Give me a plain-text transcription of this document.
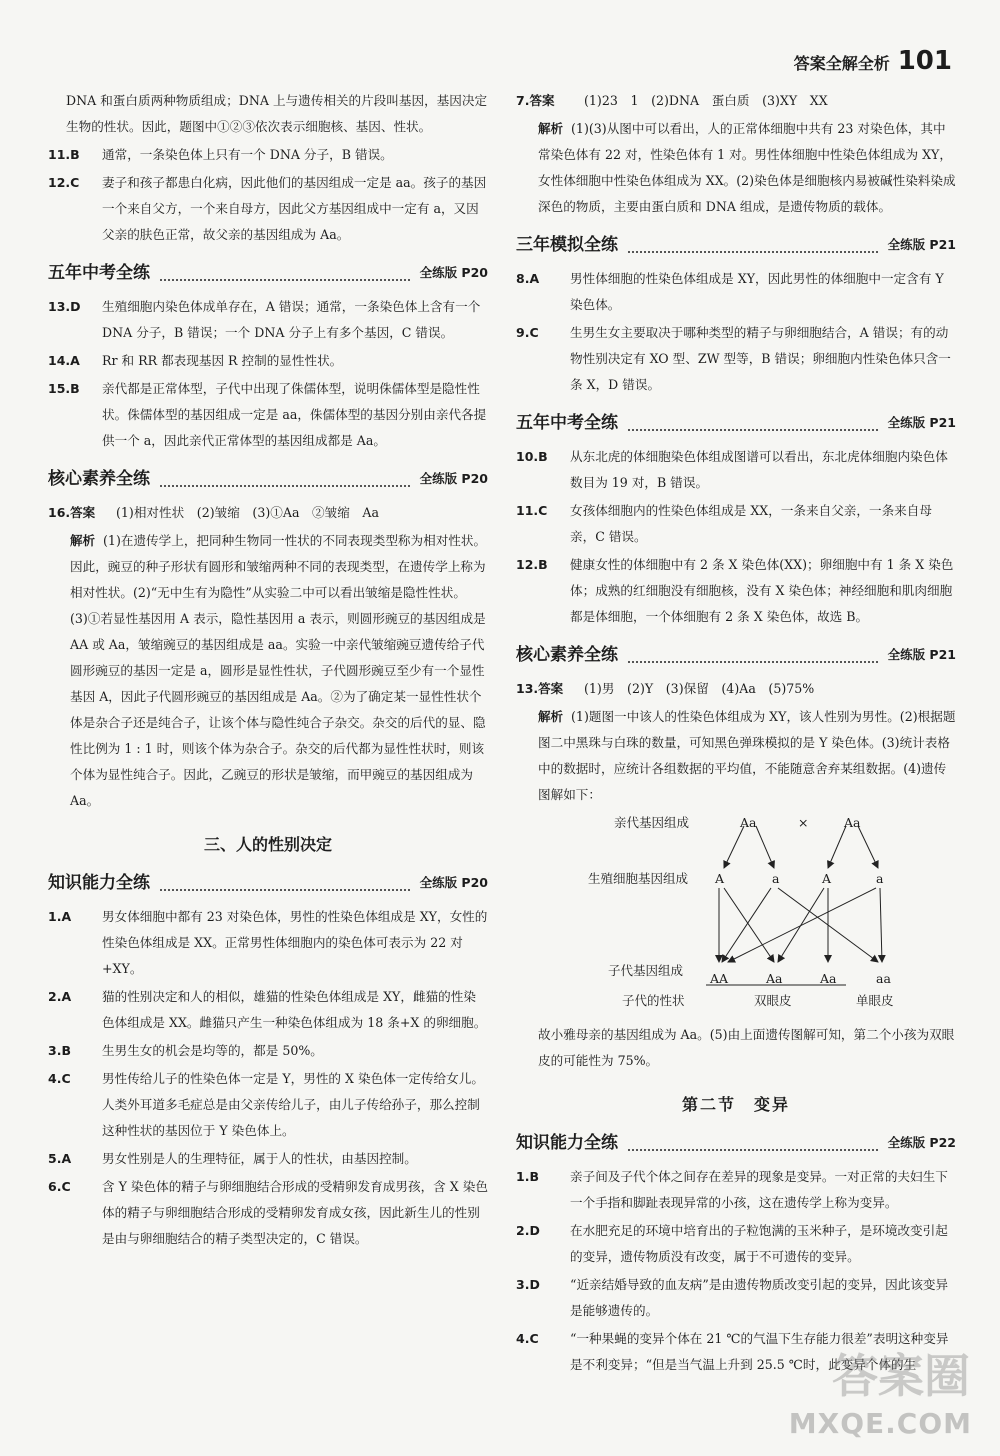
答案全解全析 101
DNA 和蛋白质两种物质组成；DNA 上与遗传相关的片段叫基因，基因决定生物的性状。因此，题图中①②③依次表示细胞核、基因、性状。
11.B 通常，一条染色体上只有一个 DNA 分子，B 错误。
12.C 妻子和孩子都患白化病，因此他们的基因组成一定是 aa。孩子的基因一个来自父方，一个来自母方，因此父方基因组成中一定有 a，又因父亲的肤色正常，故父亲的基因组成为 Aa。
五年中考全练	全练版 P20
13.D 生殖细胞内染色体成单存在，A 错误；通常，一条染色体上含有一个 DNA 分子，B 错误；一个 DNA 分子上有多个基因，C 错误。
14.A Rr 和 RR 都表现基因 R 控制的显性性状。
15.B 亲代都是正常体型，子代中出现了侏儒体型，说明侏儒体型是隐性性状。侏儒体型的基因组成一定是 aa，侏儒体型的基因分别由亲代各提供一个 a，因此亲代正常体型的基因组成都是 Aa。
核心素养全练	全练版 P20
16.答案 (1)相对性状　(2)皱缩　(3)①Aa　②皱缩　Aa
解析 (1)在遗传学上，把同种生物同一性状的不同表现类型称为相对性状。因此，豌豆的种子形状有圆形和皱缩两种不同的表现类型，在遗传学上称为相对性状。(2)“无中生有为隐性”从实验二中可以看出皱缩是隐性性状。(3)①若显性基因用 A 表示，隐性基因用 a 表示，则圆形豌豆的基因组成是 AA 或 Aa，皱缩豌豆的基因组成是 aa。实验一中亲代皱缩豌豆遗传给子代圆形豌豆的基因一定是 a，圆形是显性性状，子代圆形豌豆至少有一个显性基因 A，因此子代圆形豌豆的基因组成是 Aa。②为了确定某一显性性状个体是杂合子还是纯合子，让该个体与隐性纯合子杂交。杂交的后代的显、隐性比例为 1 : 1 时，则该个体为杂合子。杂交的后代都为显性性状时，则该个体为显性纯合子。因此，乙豌豆的形状是皱缩，而甲豌豆的基因组成为 Aa。
三、人的性别决定
知识能力全练	全练版 P20
1.A 男女体细胞中都有 23 对染色体，男性的性染色体组成是 XY，女性的性染色体组成是 XX。正常男性体细胞内的染色体可表示为 22 对+XY。
2.A 猫的性别决定和人的相似，雄猫的性染色体组成是 XY，雌猫的性染色体组成是 XX。雌猫只产生一种染色体组成为 18 条+X 的卵细胞。
3.B 生男生女的机会是均等的，都是 50%。
4.C 男性传给儿子的性染色体一定是 Y，男性的 X 染色体一定传给女儿。人类外耳道多毛症总是由父亲传给儿子，由儿子传给孙子，那么控制这种性状的基因位于 Y 染色体上。
5.A 男女性别是人的生理特征，属于人的性状，由基因控制。
6.C 含 Y 染色体的精子与卵细胞结合形成的受精卵发育成男孩，含 X 染色体的精子与卵细胞结合形成的受精卵发育成女孩，因此新生儿的性别是由与卵细胞结合的精子类型决定的，C 错误。
7.答案 (1)23　1　(2)DNA　蛋白质　(3)XY　XX
解析 (1)(3)从图中可以看出，人的正常体细胞中共有 23 对染色体，其中常染色体有 22 对，性染色体有 1 对。男性体细胞中性染色体组成为 XY，女性体细胞中性染色体组成为 XX。(2)染色体是细胞核内易被碱性染料染成深色的物质，主要由蛋白质和 DNA 组成，是遗传物质的载体。
三年模拟全练	全练版 P21
8.A 男性体细胞的性染色体组成是 XY，因此男性的体细胞中一定含有 Y 染色体。
9.C 生男生女主要取决于哪种类型的精子与卵细胞结合，A 错误；有的动物性别决定有 XO 型、ZW 型等，B 错误；卵细胞内性染色体只含一条 X，D 错误。
五年中考全练	全练版 P21
10.B 从东北虎的体细胞染色体组成图谱可以看出，东北虎体细胞内染色体数目为 19 对，B 错误。
11.C 女孩体细胞内的性染色体组成是 XX，一条来自父亲，一条来自母亲，C 错误。
12.B 健康女性的体细胞中有 2 条 X 染色体(XX)；卵细胞中有 1 条 X 染色体；成熟的红细胞没有细胞核，没有 X 染色体；神经细胞和肌肉细胞都是体细胞，一个体细胞有 2 条 X 染色体，故选 B。
核心素养全练	全练版 P21
13.答案 (1)男　(2)Y　(3)保留　(4)Aa　(5)75%
解析 (1)题图一中该人的性染色体组成为 XY，该人性别为男性。(2)根据题图二中黑珠与白珠的数量，可知黑色弹珠模拟的是 Y 染色体。(3)统计表格中的数据时，应统计各组数据的平均值，不能随意舍弃某组数据。(4)遗传图解如下：
亲代基因组成	Aa	×	Aa
生殖细胞基因组成 A	a	A	a
子代基因组成
AA	Aa	Aa	aa
子代的性状	双眼皮	单眼皮
故小雅母亲的基因组成为 Aa。(5)由上面遗传图解可知，第二个小孩为双眼皮的可能性为 75%。
第二节　变异
知识能力全练	全练版 P22
1.B 亲子间及子代个体之间存在差异的现象是变异。一对正常的夫妇生下一个手指和脚趾表现异常的小孩，这在遗传学上称为变异。
2.D 在水肥充足的环境中培育出的子粒饱满的玉米种子，是环境改变引起的变异，遗传物质没有改变，属于不可遗传的变异。
3.D “近亲结婚导致的血友病”是由遗传物质改变引起的变异，因此该变异是能够遗传的。
4.C “一种果蝇的变异个体在 21 ℃的气温下生存能力很差”表明这种变异是不利变异；“但是当气温上升到 25.5 ℃时，此变异个体的生
答案圈
MXQE.COM
